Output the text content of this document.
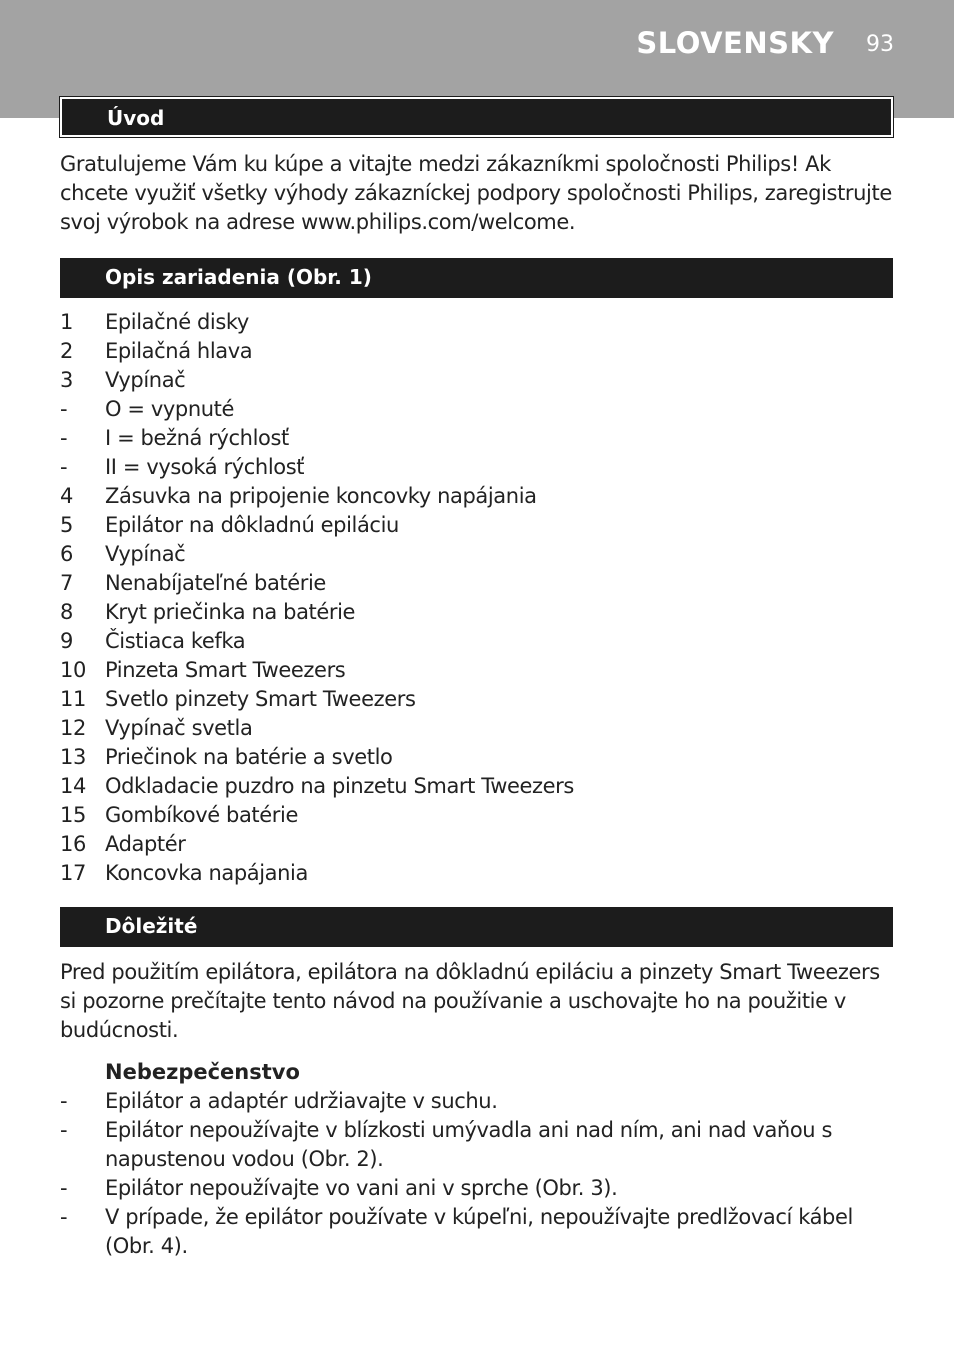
SLOVENSKY 93
Úvod

Gratulujeme Vám ku kúpe a vitajte medzi zákazníkmi spoločnosti Philips! Ak chcete využiť všetky výhody zákazníckej podpory spoločnosti Philips, zaregistrujte svoj výrobok na adrese www.philips.com/welcome.

Opis zariadenia (Obr. 1)
1	Epilačné disky
2	Epilačná hlava
3	Vypínač
-	O = vypnuté
-	I = bežná rýchlosť
-	II = vysoká rýchlosť
4	Zásuvka na pripojenie koncovky napájania
5	Epilátor na dôkladnú epiláciu
6	Vypínač
7	Nenabíjateľné batérie
8	Kryt priečinka na batérie
9	Čistiaca kefka
10 Pinzeta Smart Tweezers
11 Svetlo pinzety Smart Tweezers
12 Vypínač svetla
13 Priečinok na batérie a svetlo
14 Odkladacie puzdro na pinzetu Smart Tweezers
15 Gombíkové batérie
16 Adaptér
17 Koncovka napájania
Dôležité

Pred použitím epilátora, epilátora na dôkladnú epiláciu a pinzety Smart Tweezers si pozorne prečítajte tento návod na používanie a uschovajte ho na použitie v budúcnosti.

Nebezpečenstvo
-	Epilátor a adaptér udržiavajte v suchu.
-	Epilátor nepoužívajte v blízkosti umývadla ani nad ním, ani nad vaňou s napustenou vodou (Obr. 2).
-	Epilátor nepoužívajte vo vani ani v sprche (Obr. 3).
-	V prípade, že epilátor používate v kúpeľni, nepoužívajte predlžovací kábel (Obr. 4).
